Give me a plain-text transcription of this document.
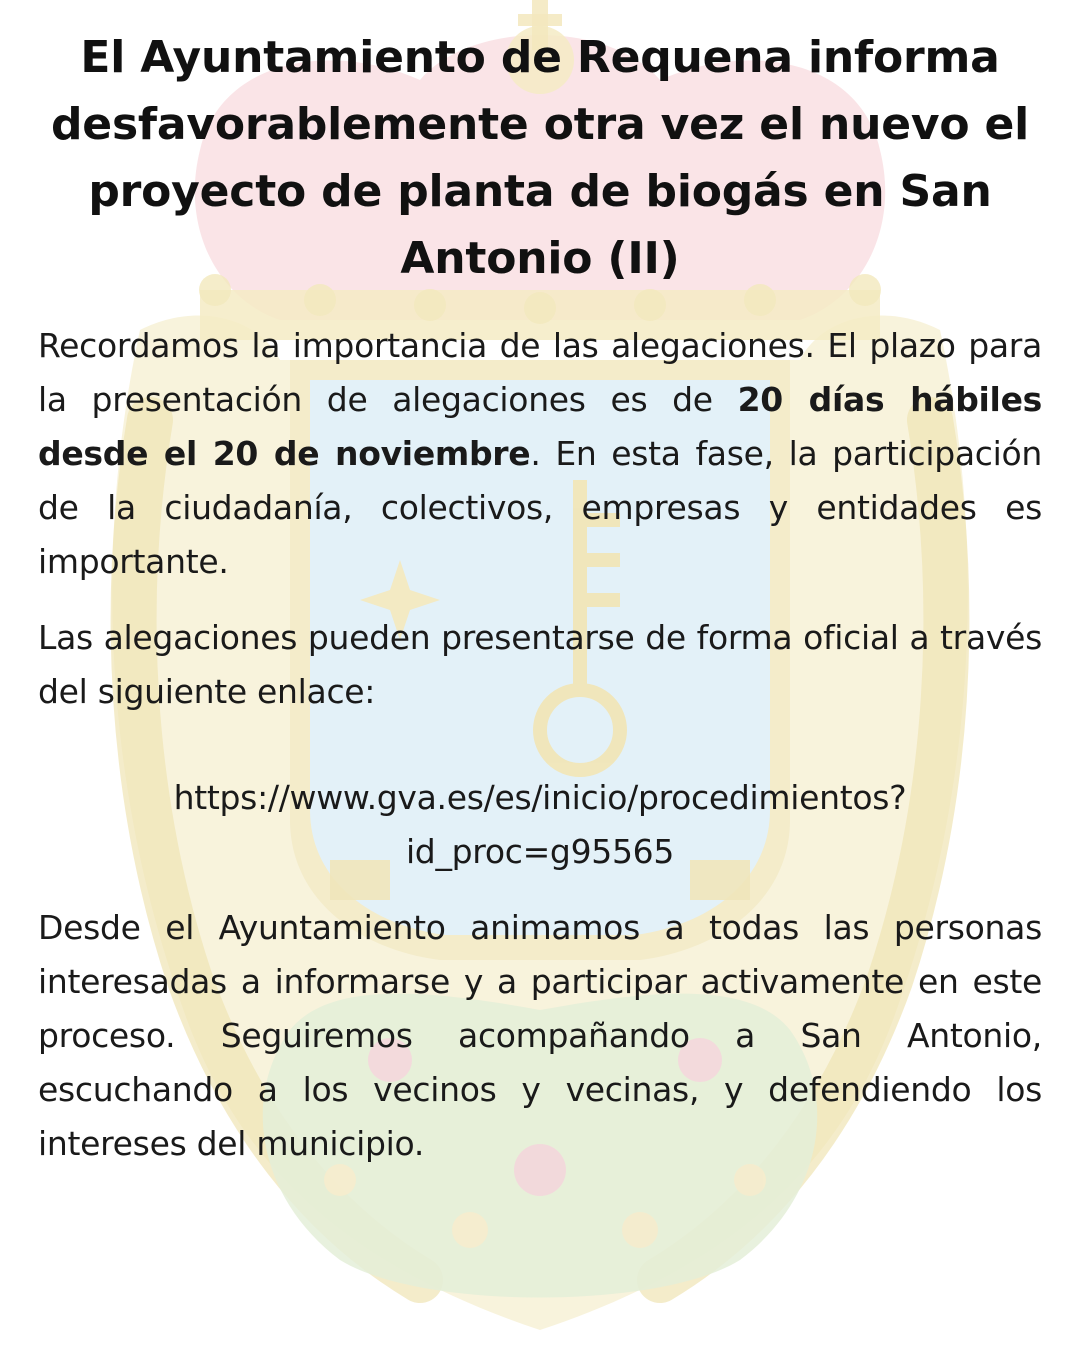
El Ayuntamiento de Requena informa desfavorablemente otra vez el nuevo el proyecto de planta de biogás en San Antonio (II)

Recordamos la importancia de las alegaciones. El plazo para la presentación de alegaciones es de 20 días hábiles desde el 20 de noviembre. En esta fase, la participación de la ciudadanía, colectivos, empresas y entidades es importante.

Las alegaciones pueden presentarse de forma oficial a través del siguiente enlace:

https://www.gva.es/es/inicio/procedimientos?
id_proc=g95565

Desde el Ayuntamiento animamos a todas las personas interesadas a informarse y a participar activamente en este proceso. Seguiremos acompañando a San Antonio, escuchando a los vecinos y vecinas, y defendiendo los intereses del municipio.
